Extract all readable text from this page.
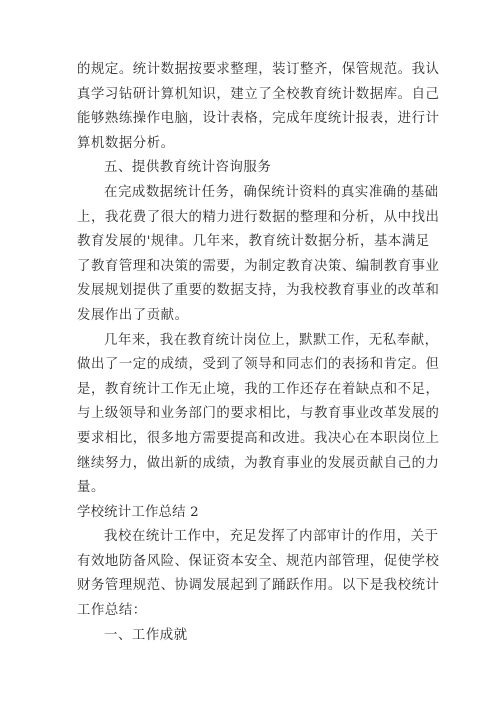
的规定。统计数据按要求整理，装订整齐，保管规范。我认
真学习钻研计算机知识，建立了全校教育统计数据库。自己
能够熟练操作电脑，设计表格，完成年度统计报表，进行计
算机数据分析。
五、提供教育统计咨询服务
在完成数据统计任务，确保统计资料的真实准确的基础
上，我花费了很大的精力进行数据的整理和分析，从中找出
教育发展的'规律。几年来，教育统计数据分析，基本满足
了教育管理和决策的需要，为制定教育决策、编制教育事业
发展规划提供了重要的数据支持，为我校教育事业的改革和
发展作出了贡献。
几年来，我在教育统计岗位上，默默工作，无私奉献，
做出了一定的成绩，受到了领导和同志们的表扬和肯定。但
是，教育统计工作无止境，我的工作还存在着缺点和不足，
与上级领导和业务部门的要求相比，与教育事业改革发展的
要求相比，很多地方需要提高和改进。我决心在本职岗位上
继续努力，做出新的成绩，为教育事业的发展贡献自己的力
量。
学校统计工作总结 2
我校在统计工作中，充足发挥了内部审计的作用，关于
有效地防备风险、保证资本安全、规范内部管理，促使学校
财务管理规范、协调发展起到了踊跃作用。以下是我校统计
工作总结：
一、工作成就
